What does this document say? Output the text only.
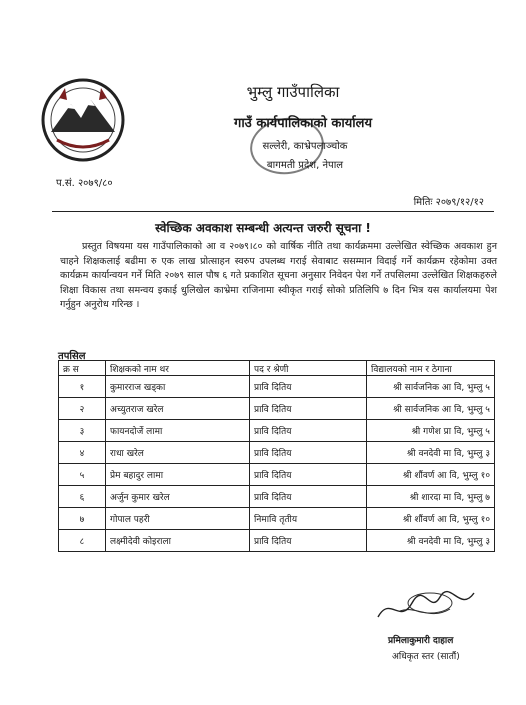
भुम्लु गाउँपालिका
गाउँ कार्यपालिकाको कार्यालय
सल्लेरी, काभ्रेपलाञ्चोक
बागमती प्रदेश, नेपाल
प.सं. २०७९/८०
मितिः २०७९/१२/१२
स्वेच्छिक अवकाश सम्बन्धी अत्यन्त जरुरी सूचना !

प्रस्तुत विषयमा यस गाउँपालिकाको आ व २०७९।८० को वार्षिक नीति तथा कार्यक्रममा उल्लेखित स्वेच्छिक अवकाश हुन चाहने शिक्षकलाई बढीमा रु एक लाख प्रोत्साहन स्वरुप उपलब्ध गराई सेवाबाट ससम्मान विदाई गर्ने कार्यक्रम रहेकोमा उक्त कार्यक्रम कार्यान्वयन गर्ने मिति २०७९ साल पौष ६ गते प्रकाशित सूचना अनुसार निवेदन पेश गर्ने तपसिलमा उल्लेखित शिक्षकहरुले शिक्षा विकास तथा समन्वय इकाई धुलिखेल काभ्रेमा राजिनामा स्वीकृत गराई सोको प्रतिलिपि ७ दिन भित्र यस कार्यालयमा पेश गर्नुहुन अनुरोध गरिन्छ ।

तपसिल
क्र स	शिक्षकको नाम थर	पद र श्रेणी	विद्यालयको नाम र ठेगाना
१	कुमारराज खड्का	प्रावि दितिय	श्री सार्वजनिक आ वि, भुम्लु ५
२	अच्युतराज खरेल	प्रावि दितिय	श्री सार्वजनिक आ वि, भुम्लु ५
३	फायनदोर्जे लामा	प्रावि दितिय	श्री गणेश प्रा वि, भुम्लु ५
४	राधा खरेल	प्रावि दितिय	श्री वनदेवी मा वि, भुम्लु ३
५	प्रेम बहादुर लामा	प्रावि दितिय	श्री शौंवर्ण आ वि, भुम्लु १०
६	अर्जुन कुमार खरेल	प्रावि दितिय	श्री शारदा मा वि, भुम्लु ७
७	गोपाल पहरी	निमावि तृतीय	श्री शौंवर्ण आ वि, भुम्लु १०
८	लक्ष्मीदेवी कोइराला	प्रावि दितिय	श्री वनदेवी मा वि, भुम्लु ३
प्रमिलाकुमारी दाहाल
अधिकृत स्तर (सातौं)
